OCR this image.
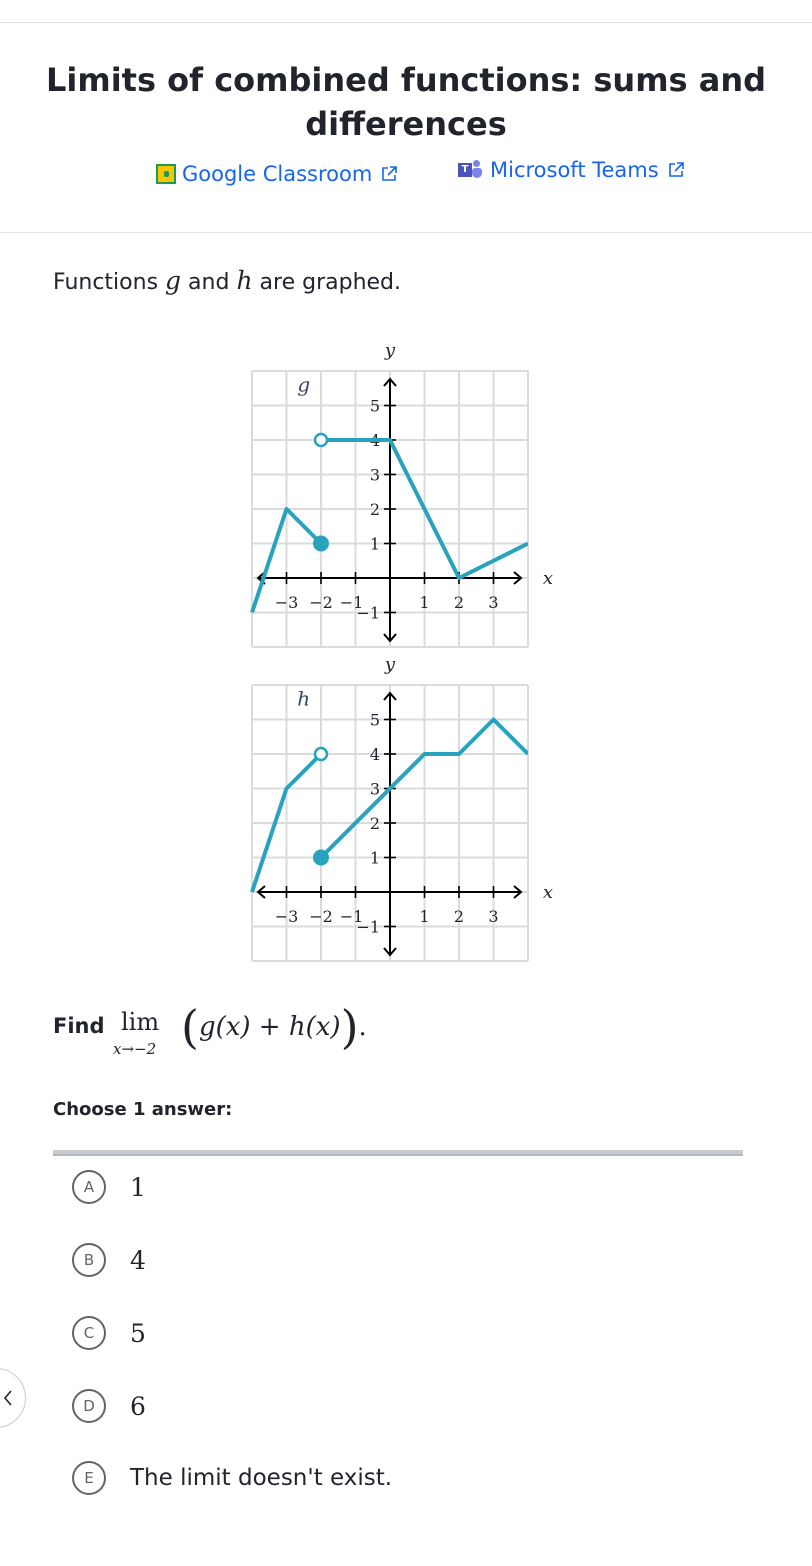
Limits of combined functions: sums and
differences
Google Classroom	T Microsoft Teams
Functions g and h are graphed.
−3 −2 −1	1 2 3
−1
1
2
3
4
5
x
y
g
−3 −2 −1	1 2 3
−1
1
2
3
4
5
x
y
h
Find lim
x→−2 (g(x) + h(x)).
Choose 1 answer:
A	1
B	4
C	5
D	6
E	The limit doesn't exist.
